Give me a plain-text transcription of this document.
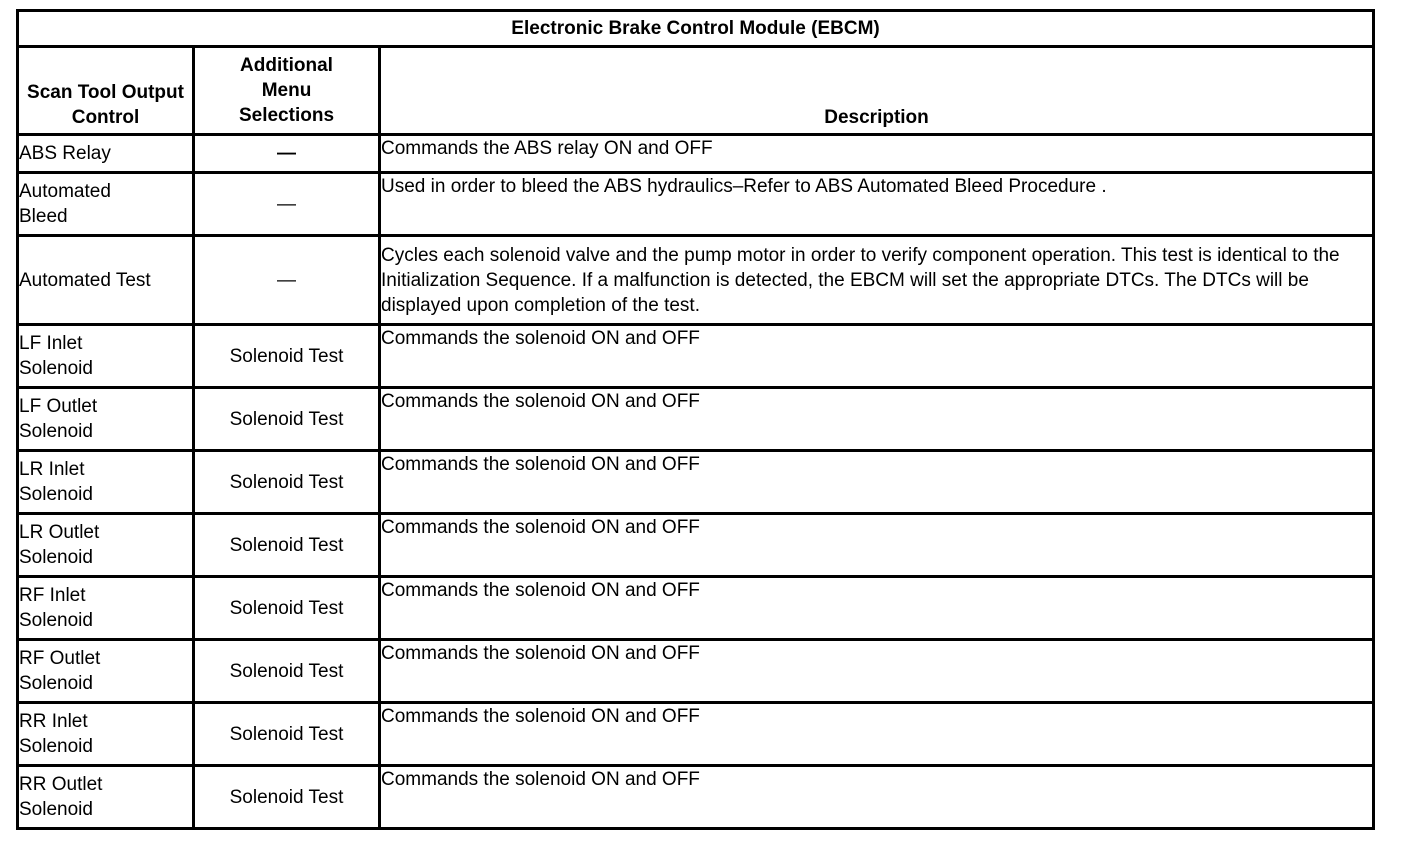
Electronic Brake Control Module (EBCM)		
Scan Tool Output Control	Additional Menu Selections	Description
ABS Relay	—	Commands the ABS relay ON and OFF
Automated Bleed	—	Used in order to bleed the ABS hydraulics–Refer to ABS Automated Bleed Procedure .
Automated Test	—	Cycles each solenoid valve and the pump motor in order to verify component operation. This test is identical to the Initialization Sequence. If a malfunction is detected, the EBCM will set the appropriate DTCs. The DTCs will be displayed upon completion of the test.
LF Inlet Solenoid	Solenoid Test	Commands the solenoid ON and OFF
LF Outlet Solenoid	Solenoid Test	Commands the solenoid ON and OFF
LR Inlet Solenoid	Solenoid Test	Commands the solenoid ON and OFF
LR Outlet Solenoid	Solenoid Test	Commands the solenoid ON and OFF
RF Inlet Solenoid	Solenoid Test	Commands the solenoid ON and OFF
RF Outlet Solenoid	Solenoid Test	Commands the solenoid ON and OFF
RR Inlet Solenoid	Solenoid Test	Commands the solenoid ON and OFF
RR Outlet Solenoid	Solenoid Test	Commands the solenoid ON and OFF
